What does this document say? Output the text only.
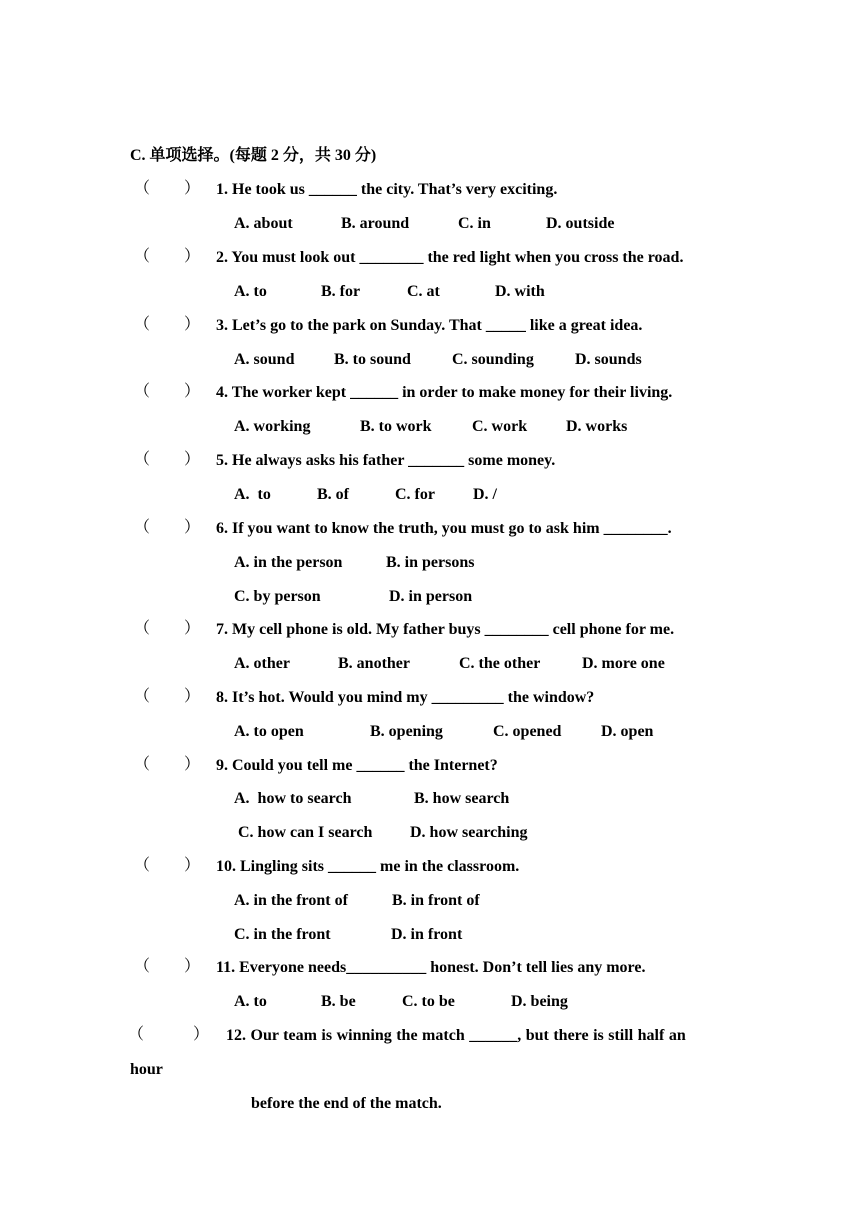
C. 单项选择。(每题 2 分，共 30 分)
（ ） 1. He took us ______ the city. That’s very exciting.
A. about	B. around	C. in	D. outside
（ ） 2. You must look out ________ the red light when you cross the road.
A. to	B. for	C. at	D. with
（ ） 3. Let’s go to the park on Sunday. That _____ like a great idea.
A. sound B. to sound	C. sounding	D. sounds
（ ） 4. The worker kept ______ in order to make money for their living.
A. working	B. to work	C. work D. works
（ ） 5. He always asks his father _______ some money.
A.  to	B. of	C. for D. /
（ ） 6. If you want to know the truth, you must go to ask him ________.
A. in the person	B. in persons
C. by person	D. in person
（ ） 7. My cell phone is old. My father buys ________ cell phone for me.
A. other	B. another	C. the other	D. more one
（ ） 8. It’s hot. Would you mind my _________ the window?
A. to open	B. opening	C. opened D. open
（ ） 9. Could you tell me ______ the Internet?
A.  how to search	B. how search
C. how can I search D. how searching
（ ） 10. Lingling sits ______ me in the classroom.
A. in the front of	B. in front of
C. in the front	D. in front
（ ） 11. Everyone needs__________ honest. Don’t tell lies any more.
A. to	B. be	C. to be	D. being
（	） 12. Our team is winning the match ______, but there is still half an
hour
before the end of the match.
